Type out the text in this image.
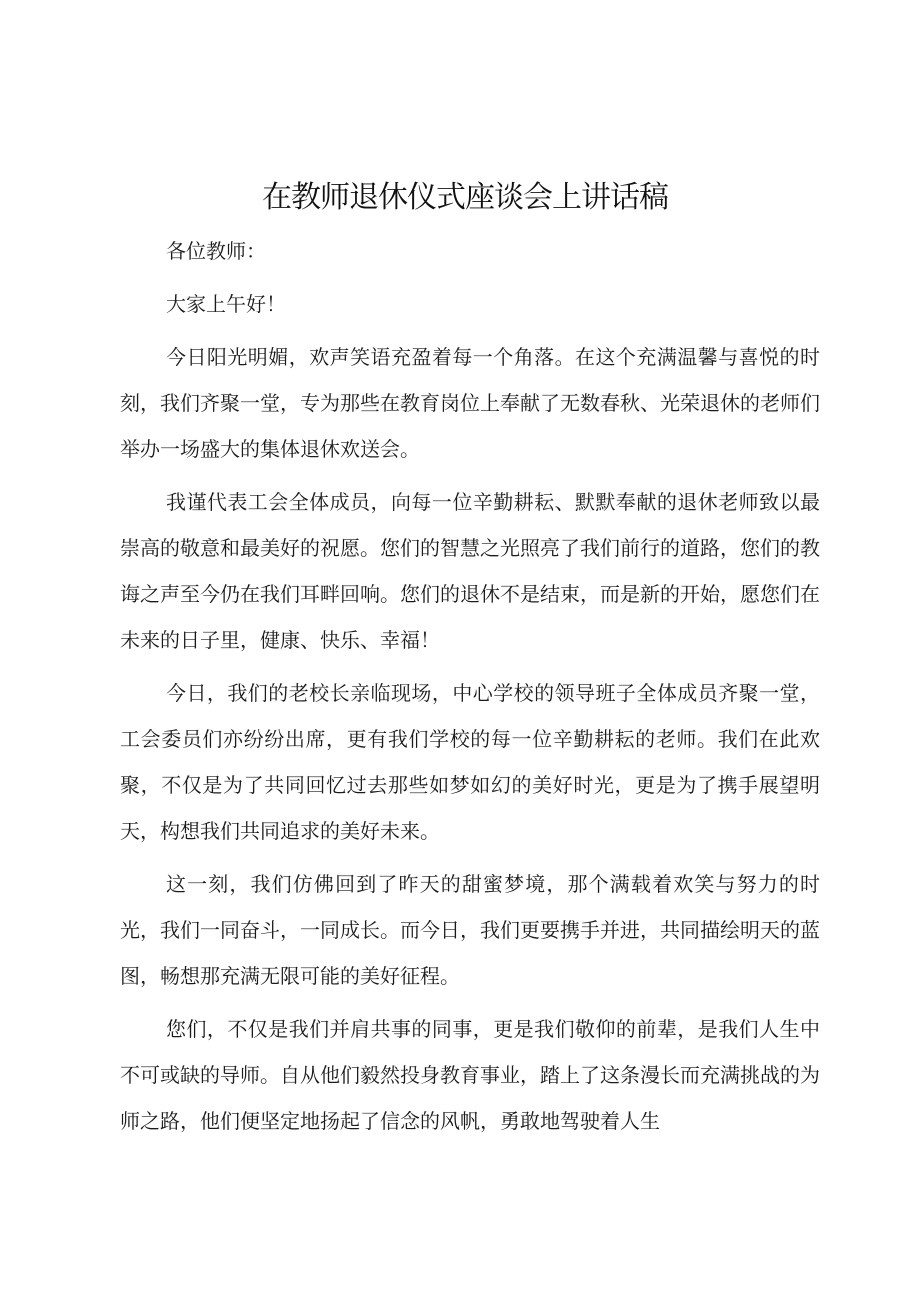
在教师退休仪式座谈会上讲话稿

各位教师：

大家上午好！

今日阳光明媚，欢声笑语充盈着每一个角落。在这个充满温馨与喜悦的时刻，我们齐聚一堂，专为那些在教育岗位上奉献了无数春秋、光荣退休的老师们举办一场盛大的集体退休欢送会。

我谨代表工会全体成员，向每一位辛勤耕耘、默默奉献的退休老师致以最崇高的敬意和最美好的祝愿。您们的智慧之光照亮了我们前行的道路，您们的教诲之声至今仍在我们耳畔回响。您们的退休不是结束，而是新的开始，愿您们在未来的日子里，健康、快乐、幸福！

今日，我们的老校长亲临现场，中心学校的领导班子全体成员齐聚一堂，工会委员们亦纷纷出席，更有我们学校的每一位辛勤耕耘的老师。我们在此欢聚，不仅是为了共同回忆过去那些如梦如幻的美好时光，更是为了携手展望明天，构想我们共同追求的美好未来。

这一刻，我们仿佛回到了昨天的甜蜜梦境，那个满载着欢笑与努力的时光，我们一同奋斗，一同成长。而今日，我们更要携手并进，共同描绘明天的蓝图，畅想那充满无限可能的美好征程。

您们，不仅是我们并肩共事的同事，更是我们敬仰的前辈，是我们人生中不可或缺的导师。自从他们毅然投身教育事业，踏上了这条漫长而充满挑战的为师之路，他们便坚定地扬起了信念的风帆，勇敢地驾驶着人生
